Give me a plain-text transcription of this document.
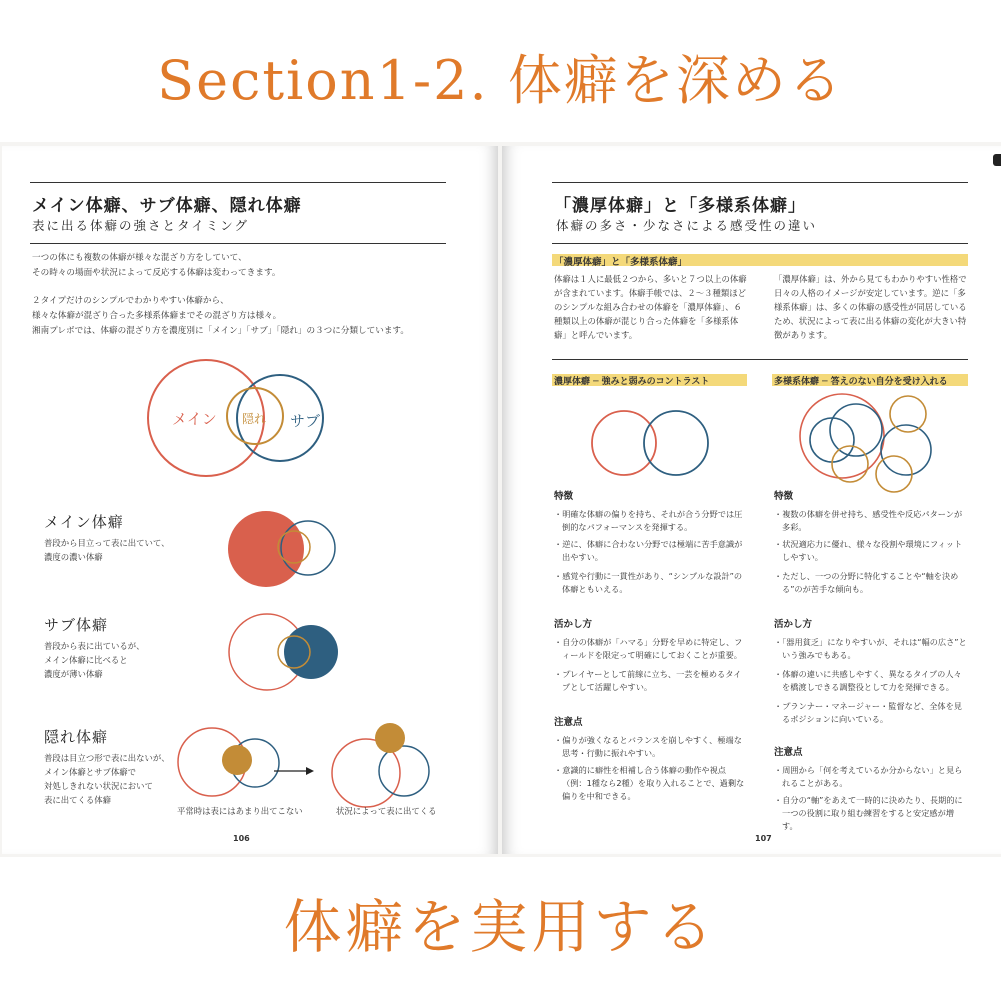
Section1-2. 体癖を深める
メイン体癖、サブ体癖、隠れ体癖
表に出る体癖の強さとタイミング
一つの体にも複数の体癖が様々な混ざり方をしていて、
その時々の場面や状況によって反応する体癖は変わってきます。
２タイプだけのシンプルでわかりやすい体癖から、
様々な体癖が混ざり合った多様系体癖までその混ざり方は様々。
湘南プレボでは、体癖の混ざり方を濃度別に「メイン」「サブ」「隠れ」の３つに分類しています。
メイン 隠れ サブ
メイン体癖
普段から目立って表に出ていて、
濃度の濃い体癖
サブ体癖
普段から表に出ているが、
メイン体癖に比べると
濃度が薄い体癖
隠れ体癖
普段は目立つ形で表に出ないが、
メイン体癖とサブ体癖で
対処しきれない状況において
表に出てくる体癖
平常時は表にはあまり出てこない	状況によって表に出てくる
106
「濃厚体癖」と「多様系体癖」
体癖の多さ・少なさによる感受性の違い
「濃厚体癖」と「多様系体癖」
体癖は１人に最低２つから、多いと７つ以上の体癖が含まれています。体癖手帳では、２〜３種類ほどのシンプルな組み合わせの体癖を「濃厚体癖」、６種類以上の体癖が混じり合った体癖を「多様系体癖」と呼んでいます。
「濃厚体癖」は、外から見てもわかりやすい性格で日々の人格のイメージが安定しています。逆に「多様系体癖」は、多くの体癖の感受性が同居しているため、状況によって表に出る体癖の変化が大きい特徴があります。
濃厚体癖 ─ 強みと弱みのコントラスト	多様系体癖 ─ 答えのない自分を受け入れる
特徴
・明確な体癖の偏りを持ち、それが合う分野では圧倒的なパフォーマンスを発揮する。
・逆に、体癖に合わない分野では極端に苦手意識が出やすい。
・感覚や行動に一貫性があり、“シンプルな設計”の体癖ともいえる。
活かし方
・自分の体癖が「ハマる」分野を早めに特定し、フィールドを限定って明確にしておくことが重要。
・プレイヤーとして前線に立ち、一芸を極めるタイプとして活躍しやすい。
注意点
・偏りが強くなるとバランスを崩しやすく、極端な思考・行動に振れやすい。
・意識的に癖性を相補し合う体癖の動作や視点（例：1種なら2種）を取り入れることで、過剰な偏りを中和できる。
特徴
・複数の体癖を併せ持ち、感受性や反応パターンが多彩。
・状況適応力に優れ、様々な役割や環境にフィットしやすい。
・ただし、一つの分野に特化することや“軸を決める”のが苦手な傾向も。
活かし方
・「器用貧乏」になりやすいが、それは“幅の広さ”という強みでもある。
・体癖の違いに共感しやすく、異なるタイプの人々を橋渡しできる調整役として力を発揮できる。
・プランナー・マネージャー・監督など、全体を見るポジションに向いている。
注意点
・周囲から「何を考えているか分からない」と見られることがある。
・自分の“軸”をあえて一時的に決めたり、長期的に一つの役割に取り組む練習をすると安定感が増す。
107
体癖を実用する
